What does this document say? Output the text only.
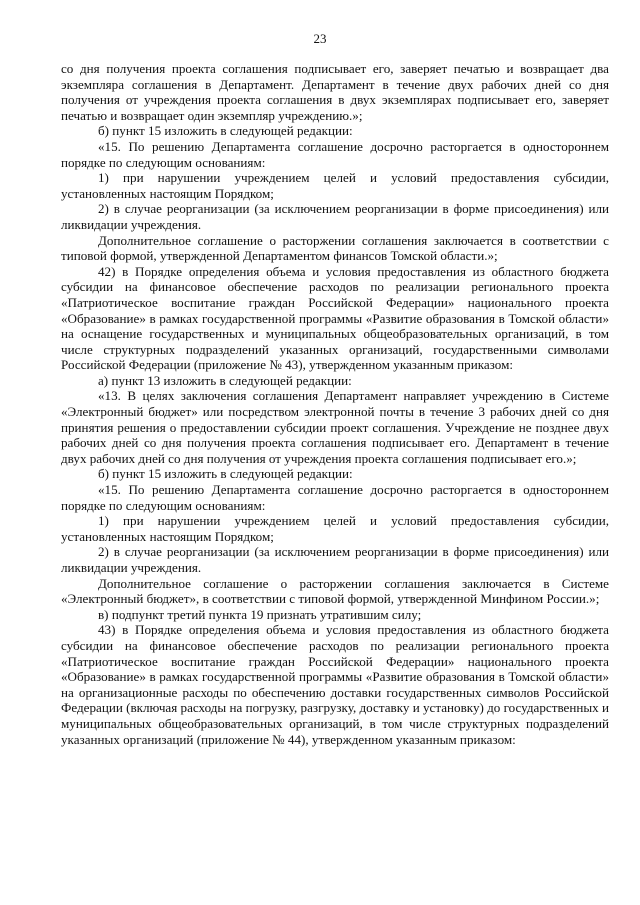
23

со дня получения проекта соглашения подписывает его, заверяет печатью и возвращает два экземпляра соглашения в Департамент. Департамент в течение двух рабочих дней со дня получения от учреждения проекта соглашения в двух экземплярах подписывает его, заверяет печатью и возвращает один экземпляр учреждению.»;

б) пункт 15 изложить в следующей редакции:

«15. По решению Департамента соглашение досрочно расторгается в одностороннем порядке по следующим основаниям:

1) при нарушении учреждением целей и условий предоставления субсидии, установленных настоящим Порядком;

2) в случае реорганизации (за исключением реорганизации в форме присоединения) или ликвидации учреждения.

Дополнительное соглашение о расторжении соглашения заключается в соответствии с типовой формой, утвержденной Департаментом финансов Томской области.»;

42) в Порядке определения объема и условия предоставления из областного бюджета субсидии на финансовое обеспечение расходов по реализации регионального проекта «Патриотическое воспитание граждан Российской Федерации» национального проекта «Образование» в рамках государственной программы «Развитие образования в Томской области» на оснащение государственных и муниципальных общеобразовательных организаций, в том числе структурных подразделений указанных организаций, государственными символами Российской Федерации (приложение № 43), утвержденном указанным приказом:

а) пункт 13 изложить в следующей редакции:

«13. В целях заключения соглашения Департамент направляет учреждению в Системе «Электронный бюджет» или посредством электронной почты в течение 3 рабочих дней со дня принятия решения о предоставлении субсидии проект соглашения. Учреждение не позднее двух рабочих дней со дня получения проекта соглашения подписывает его. Департамент в течение двух рабочих дней со дня получения от учреждения проекта соглашения подписывает его.»;

б) пункт 15 изложить в следующей редакции:

«15. По решению Департамента соглашение досрочно расторгается в одностороннем порядке по следующим основаниям:

1) при нарушении учреждением целей и условий предоставления субсидии, установленных настоящим Порядком;

2) в случае реорганизации (за исключением реорганизации в форме присоединения) или ликвидации учреждения.

Дополнительное соглашение о расторжении соглашения заключается в Системе «Электронный бюджет», в соответствии с типовой формой, утвержденной Минфином России.»;

в) подпункт третий пункта 19 признать утратившим силу;

43) в Порядке определения объема и условия предоставления из областного бюджета субсидии на финансовое обеспечение расходов по реализации регионального проекта «Патриотическое воспитание граждан Российской Федерации» национального проекта «Образование» в рамках государственной программы «Развитие образования в Томской области» на организационные расходы по обеспечению доставки государственных символов Российской Федерации (включая расходы на погрузку, разгрузку, доставку и установку) до государственных и муниципальных общеобразовательных организаций, в том числе структурных подразделений указанных организаций (приложение № 44), утвержденном указанным приказом:
